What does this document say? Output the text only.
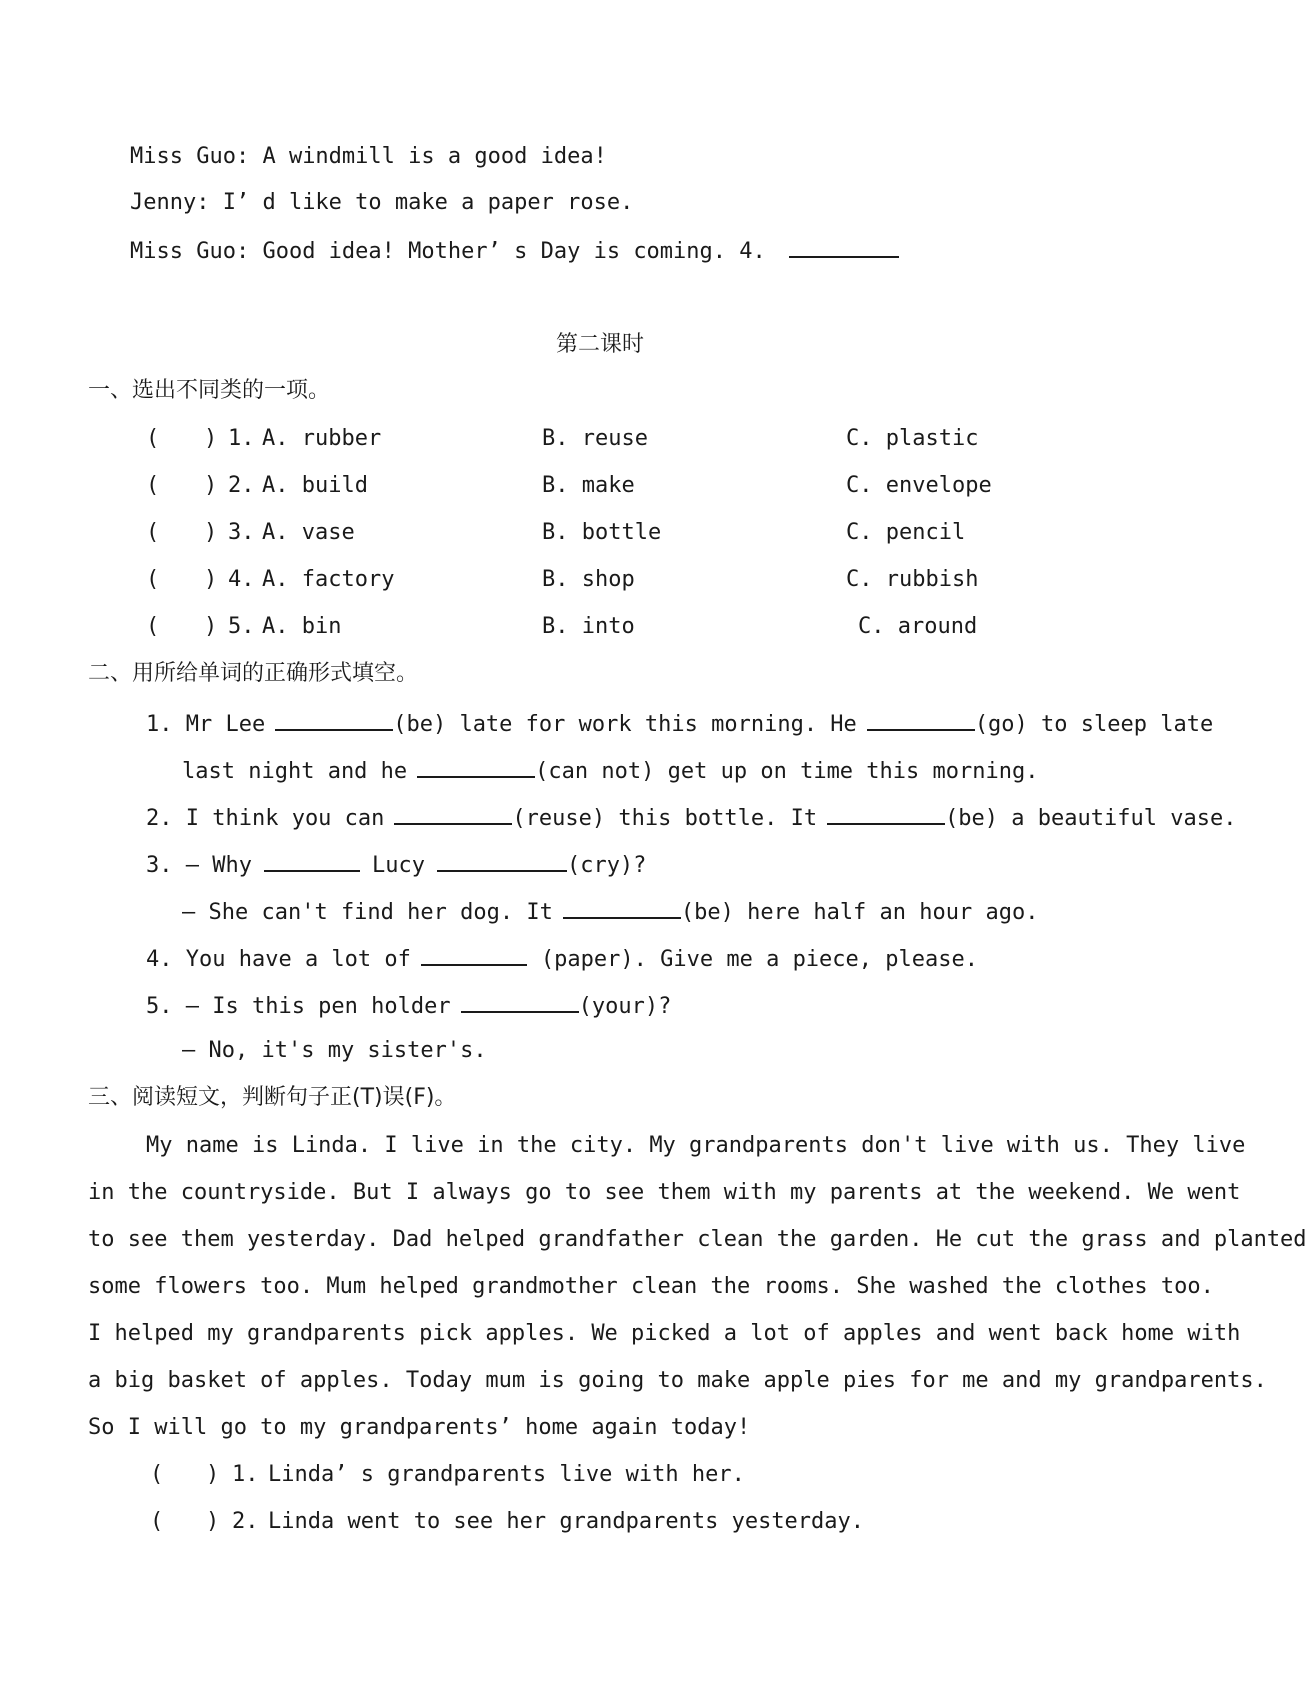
Miss Guo: A windmill is a good idea!
Jenny: I’ d like to make a paper rose.
Miss Guo: Good idea! Mother’ s Day is coming. 4.
第二课时
一、选出不同类的一项。
( ) 1. A. rubber	B. reuse	C. plastic
( ) 2. A. build	B. make	C. envelope
( ) 3. A. vase	B. bottle	C. pencil
( ) 4. A. factory	B. shop	C. rubbish
( ) 5. A. bin	B. into	C. around
二、用所给单词的正确形式填空。
1. Mr Lee	(be) late for work this morning. He	(go) to sleep late
last night and he	(can not) get up on time this morning.
2. I think you can	(reuse) this bottle. It	(be) a beautiful vase.
3. — Why	Lucy	(cry)?
— She can't find her dog. It	(be) here half an hour ago.
4. You have a lot of	(paper). Give me a piece, please.
5. — Is this pen holder	(your)?
— No, it's my sister's.
三、阅读短文，判断句子正(T)误(F)。
My name is Linda. I live in the city. My grandparents don't live with us. They live
in the countryside. But I always go to see them with my parents at the weekend. We went
to see them yesterday. Dad helped grandfather clean the garden. He cut the grass and planted
some flowers too. Mum helped grandmother clean the rooms. She washed the clothes too.
I helped my grandparents pick apples. We picked a lot of apples and went back home with
a big basket of apples. Today mum is going to make apple pies for me and my grandparents.
So I will go to my grandparents’ home again today!
( ) 1. Linda’ s grandparents live with her.
( ) 2. Linda went to see her grandparents yesterday.
